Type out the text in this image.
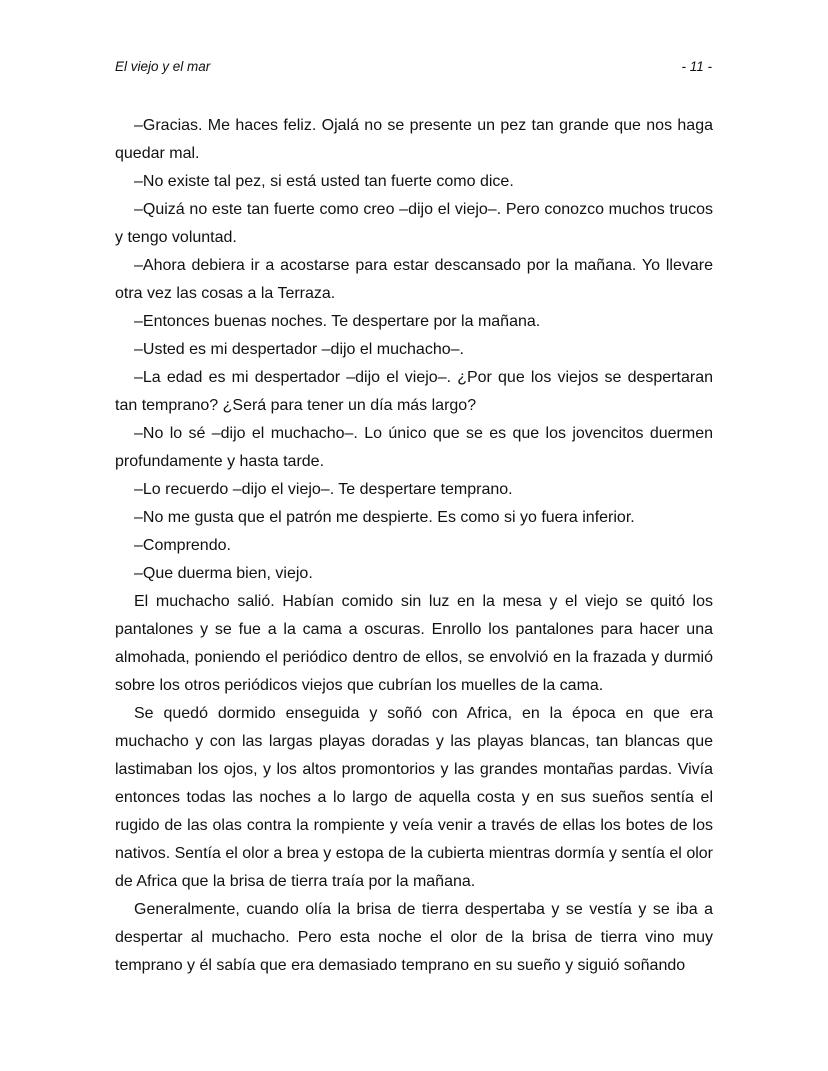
El viejo y el mar	- 11 -

–Gracias. Me haces feliz. Ojalá no se presente un pez tan grande que nos haga quedar mal.

–No existe tal pez, si está usted tan fuerte como dice.

–Quizá no este tan fuerte como creo –dijo el viejo–. Pero conozco muchos trucos y tengo voluntad.

–Ahora debiera ir a acostarse para estar descansado por la mañana. Yo llevare otra vez las cosas a la Terraza.

–Entonces buenas noches. Te despertare por la mañana.

–Usted es mi despertador –dijo el muchacho–.

–La edad es mi despertador –dijo el viejo–. ¿Por que los viejos se despertaran tan temprano? ¿Será para tener un día más largo?

–No lo sé –dijo el muchacho–. Lo único que se es que los jovencitos duermen profundamente y hasta tarde.

–Lo recuerdo –dijo el viejo–. Te despertare temprano.

–No me gusta que el patrón me despierte. Es como si yo fuera inferior.

–Comprendo.

–Que duerma bien, viejo.

El muchacho salió. Habían comido sin luz en la mesa y el viejo se quitó los pantalones y se fue a la cama a oscuras. Enrollo los pantalones para hacer una almohada, poniendo el periódico dentro de ellos, se envolvió en la frazada y durmió sobre los otros periódicos viejos que cubrían los muelles de la cama.

Se quedó dormido enseguida y soñó con Africa, en la época en que era muchacho y con las largas playas doradas y las playas blancas, tan blancas que lastimaban los ojos, y los altos promontorios y las grandes montañas pardas. Vivía entonces todas las noches a lo largo de aquella costa y en sus sueños sentía el rugido de las olas contra la rompiente y veía venir a través de ellas los botes de los nativos. Sentía el olor a brea y estopa de la cubierta mientras dormía y sentía el olor de Africa que la brisa de tierra traía por la mañana.

Generalmente, cuando olía la brisa de tierra despertaba y se vestía y se iba a despertar al muchacho. Pero esta noche el olor de la brisa de tierra vino muy temprano y él sabía que era demasiado temprano en su sueño y siguió soñando
